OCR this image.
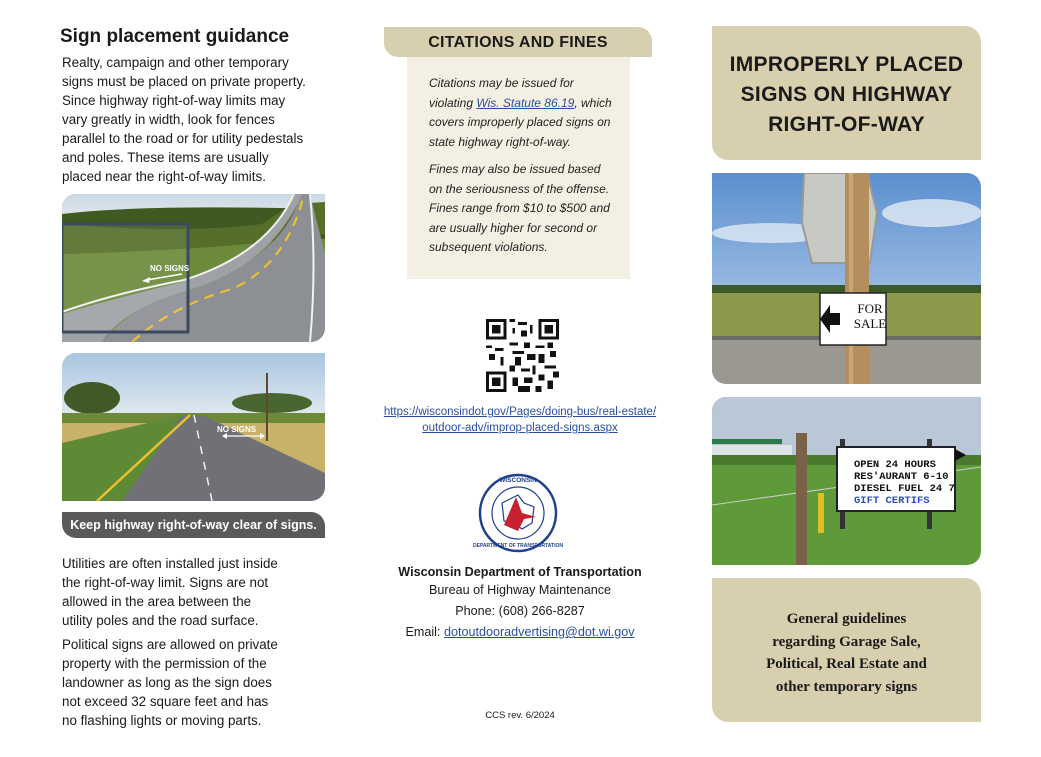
Sign placement guidance
Realty, campaign and other temporary
signs must be placed on private property.
Since highway right-of-way limits may
vary greatly in width, look for fences
parallel to the road or for utility pedestals
and poles. These items are usually
placed near the right-of-way limits.
NO SIGNS
NO SIGNS
Keep highway right-of-way clear of signs.
Utilities are often installed just inside
the right-of-way limit. Signs are not
allowed in the area between the
utility poles and the road surface.
Political signs are allowed on private
property with the permission of the
landowner as long as the sign does
not exceed 32 square feet and has
no flashing lights or moving parts.
CITATIONS AND FINES
Citations may be issued for
violating Wis. Statute 86.19, which
covers improperly placed signs on
state highway right-of-way.
Fines may also be issued based
on the seriousness of the offense.
Fines range from $10 to $500 and
are usually higher for second or
subsequent violations.
https://wisconsindot.gov/Pages/doing-bus/real-estate/
outdoor-adv/improp-placed-signs.aspx
WISCONSIN
DEPARTMENT OF TRANSPORTATION
Wisconsin Department of Transportation
Bureau of Highway Maintenance
Phone: (608) 266-8287
Email: dotoutdooradvertising@dot.wi.gov
CCS rev. 6/2024
IMPROPERLY PLACED
SIGNS ON HIGHWAY
RIGHT-OF-WAY
FOR
SALE
OPEN 24 HOURS
RES'AURANT 6-10
DIESEL FUEL 24 7
GIFT CERTIFS
General guidelines
regarding Garage Sale,
Political, Real Estate and
other temporary signs
